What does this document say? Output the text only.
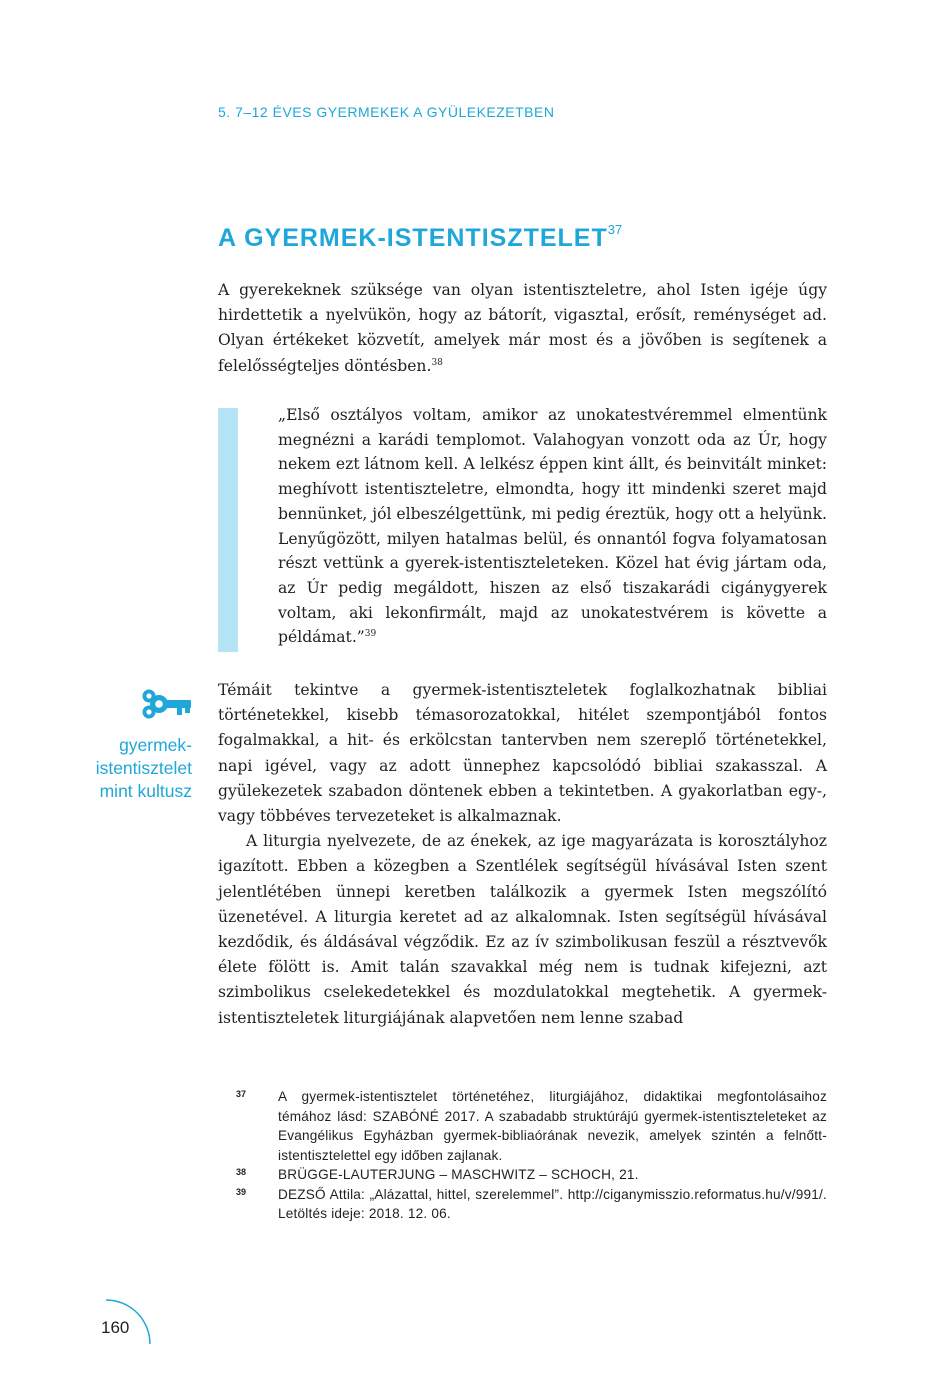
5. 7–12 ÉVES GYERMEKEK A GYÜLEKEZETBEN
A GYERMEK-ISTENTISZTELET$^{37}$

A gyerekeknek szüksége van olyan istentiszteletre, ahol Isten igéje úgy hirdettetik a nyelvükön, hogy az bátorít, vigasztal, erősít, reménységet ad. Olyan értékeket közvetít, amelyek már most és a jövőben is segítenek a felelősségteljes döntésben.$^{38}$

„Első osztályos voltam, amikor az unokatestvéremmel elmentünk megnézni a karádi templomot. Valahogyan vonzott oda az Úr, hogy nekem ezt látnom kell. A lelkész éppen kint állt, és beinvitált minket: meghívott istentiszteletre, elmondta, hogy itt mindenki szeret majd bennünket, jól elbeszélgettünk, mi pedig éreztük, hogy ott a helyünk. Lenyűgözött, milyen hatalmas belül, és onnantól fogva folyamatosan részt vettünk a gyerek-istentiszteleteken. Közel hat évig jártam oda, az Úr pedig megáldott, hiszen az első tiszakarádi cigánygyerek voltam, aki lekonfirmált, majd az unokatestvérem is követte a példámat.”$^{39}$

gyermek-
istentisztelet
mint kultusz

Témáit tekintve a gyermek-istentiszteletek foglalkozhatnak bibliai történetekkel, kisebb témasorozatokkal, hitélet szempontjából fontos fogalmakkal, a hit- és erkölcstan tantervben nem szereplő történetekkel, napi igével, vagy az adott ünnephez kapcsolódó bibliai szakasszal. A gyülekezetek szabadon döntenek ebben a tekintetben. A gyakorlatban egy-, vagy többéves tervezeteket is alkalmaznak.

A liturgia nyelvezete, de az énekek, az ige magyarázata is korosztályhoz igazított. Ebben a közegben a Szentlélek segítségül hívásával Isten szent jelentlétében ünnepi keretben találkozik a gyermek Isten megszólító üzenetével. A liturgia keretet ad az alkalomnak. Isten segítségül hívásával kezdődik, és áldásával végződik. Ez az ív szimbolikusan feszül a résztvevők élete fölött is. Amit talán szavakkal még nem is tudnak kifejezni, azt szimbolikus cselekedetekkel és mozdulatokkal megtehetik. A gyermek-istentiszteletek liturgiájának alapvetően nem lenne szabad

37	A gyermek-istentisztelet történetéhez, liturgiájához, didaktikai megfontolásaihoz témához lásd: SZABÓNÉ 2017. A szabadabb struktúrájú gyermek-istentiszteleteket az Evangélikus Egyházban gyermek-bibliaórának nevezik, amelyek szintén a felnőtt-istentisztelettel egy időben zajlanak.
38	BRÜGGE-LAUTERJUNG – MASCHWITZ – SCHOCH, 21.
39	DEZSŐ Attila: „Alázattal, hittel, szerelemmel”. http://ciganymisszio.reformatus.hu/v/991/. Letöltés ideje: 2018. 12. 06.
160
